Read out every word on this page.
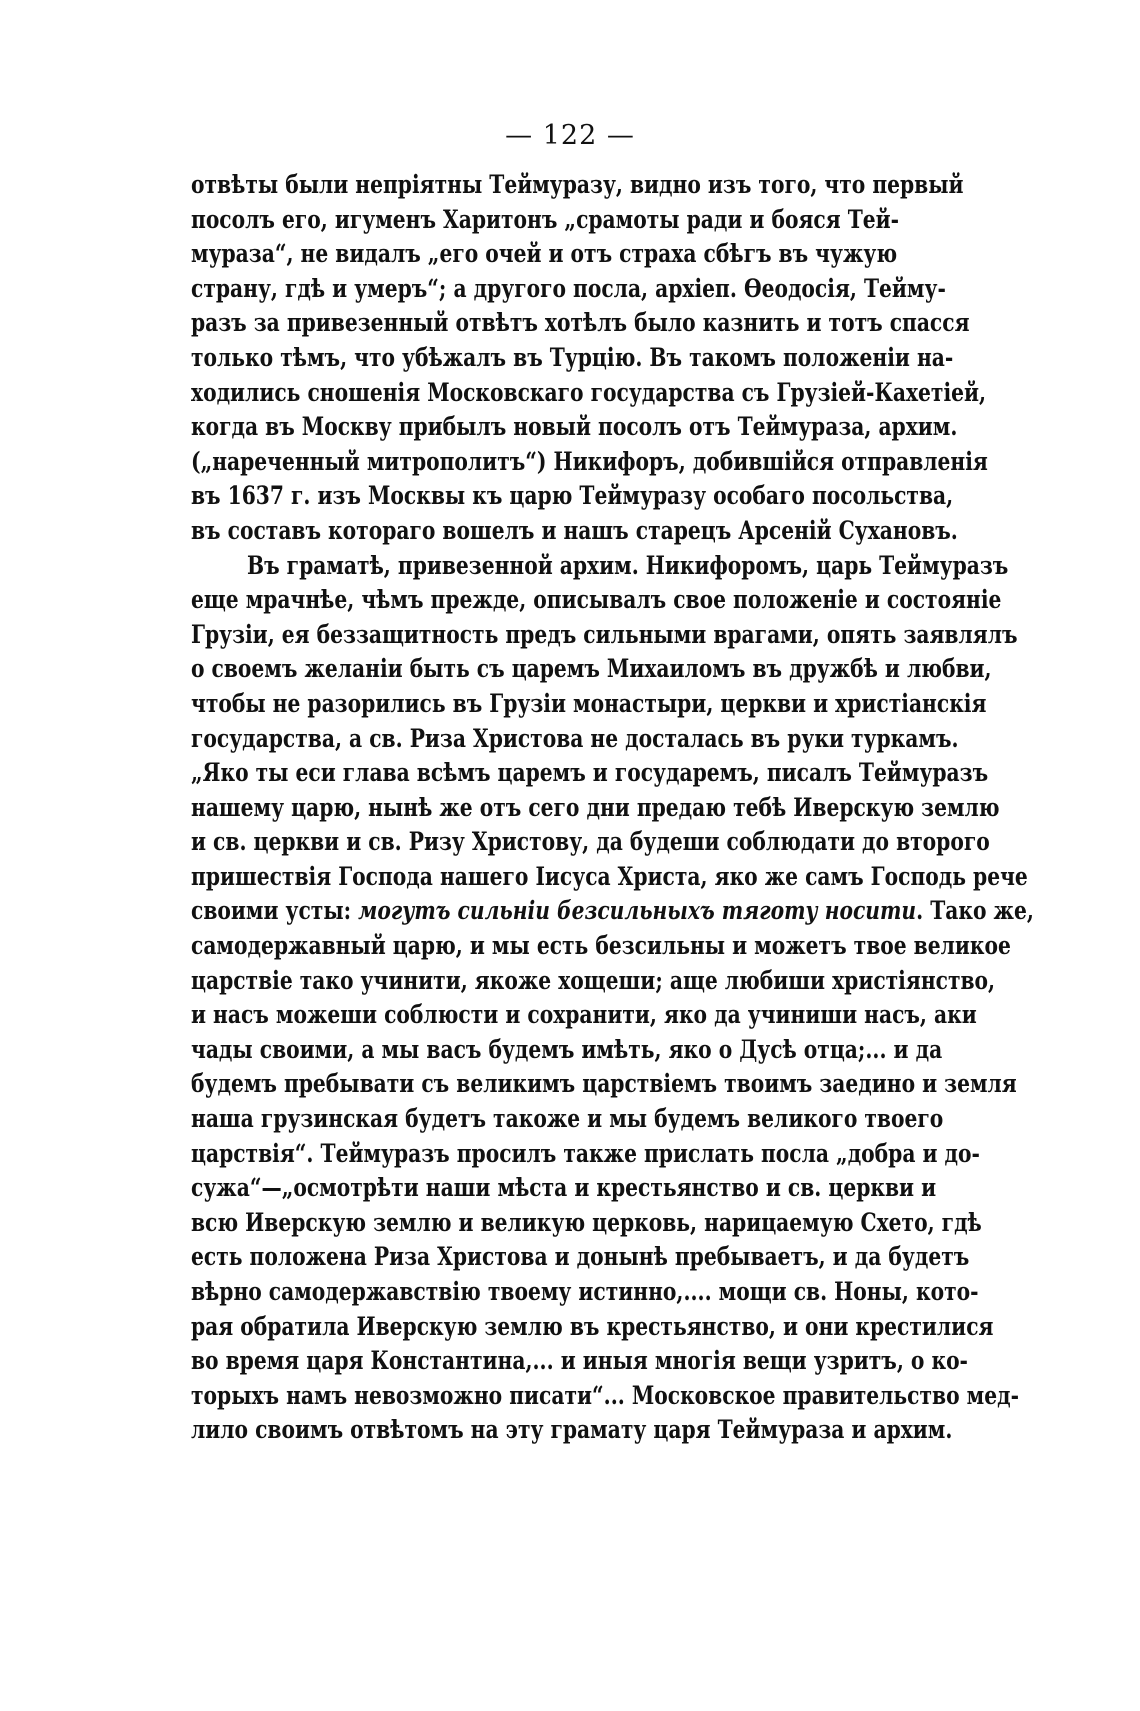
— 122 —
отвѣты были непріятны Теймуразу, видно изъ того, что первый
посолъ его, игуменъ Харитонъ „срамоты ради и бояся Тей-
мураза“, не видалъ „его очей и отъ страха сбѣгъ въ чужую
страну, гдѣ и умеръ“; а другого посла, архіеп. Өеодосія, Тейму-
разъ за привезенный отвѣтъ хотѣлъ было казнить и тотъ спасся
только тѣмъ, что убѣжалъ въ Турцію. Въ такомъ положеніи на-
ходились сношенія Московскаго государства съ Грузіей-Кахетіей,
когда въ Москву прибылъ новый посолъ отъ Теймураза, архим.
(„нареченный митрополитъ“) Никифоръ, добившійся отправленія
въ 1637 г. изъ Москвы къ царю Теймуразу особаго посольства,
въ составъ котораго вошелъ и нашъ старецъ Арсеній Сухановъ.
Въ граматѣ, привезенной архим. Никифоромъ, царь Теймуразъ
еще мрачнѣе, чѣмъ прежде, описывалъ свое положеніе и состояніе
Грузіи, ея беззащитность предъ сильными врагами, опять заявлялъ
о своемъ желаніи быть съ царемъ Михаиломъ въ дружбѣ и любви,
чтобы не разорились въ Грузіи монастыри, церкви и христіанскія
государства, а св. Риза Христова не досталась въ руки туркамъ.
„Яко ты еси глава всѣмъ царемъ и государемъ, писалъ Теймуразъ
нашему царю, нынѣ же отъ сего дни предаю тебѣ Иверскую землю
и св. церкви и св. Ризу Христову, да будеши соблюдати до второго
пришествія Господа нашего Іисуса Христа, яко же самъ Господь рече
своими усты: могутъ сильніи безсильныхъ тяготу носити. Тако же,
самодержавный царю, и мы есть безсильны и можетъ твое великое
царствіе тако учинити, якоже хощеши; аще любиши христіянство,
и насъ можеши соблюсти и сохранити, яко да учиниши насъ, аки
чады своими, а мы васъ будемъ имѣть, яко о Дусѣ отца;... и да
будемъ пребывати съ великимъ царствіемъ твоимъ заедино и земля
наша грузинская будетъ такоже и мы будемъ великого твоего
царствія“. Теймуразъ просилъ также прислать посла „добра и до-
сужа“—„осмотрѣти наши мѣста и крестьянство и св. церкви и
всю Иверскую землю и великую церковь, нарицаемую Схето, гдѣ
есть положена Риза Христова и донынѣ пребываетъ, и да будетъ
вѣрно самодержавствію твоему истинно,.... мощи св. Ноны, кото-
рая обратила Иверскую землю въ крестьянство, и они крестилися
во время царя Константина,... и иныя многія вещи узритъ, о ко-
торыхъ намъ невозможно писати“... Московское правительство мед-
лило своимъ отвѣтомъ на эту грамату царя Теймураза и архим.
